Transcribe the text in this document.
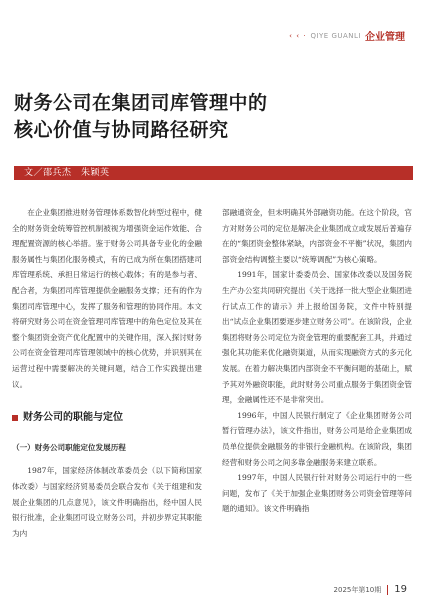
‹ ‹ · QIYE GUANLI 企业管理
财务公司在集团司库管理中的
核心价值与协同路径研究
文／邵兵杰　朱颖英

在企业集团推进财务管理体系数智化转型过程中，健全的财务资金统筹管控机制被视为增强资金运作效能、合理配置资源的核心举措。鉴于财务公司具备专业化的金融服务属性与集团化服务模式，有的已成为所在集团搭建司库管理系统、承担日常运行的核心载体；有的是参与者、配合者，为集团司库管理提供金融服务支撑；还有的作为集团司库管理中心，发挥了服务和管理的协同作用。本文将研究财务公司在资金管理司库管理中的角色定位及其在整个集团资金资产优化配置中的关键作用，深入探讨财务公司在资金管理司库管理领域中的核心优势，并识别其在运营过程中需要解决的关键问题，结合工作实践提出建议。

财务公司的职能与定位
（一）财务公司职能定位发展历程

1987年，国家经济体制改革委员会（以下简称国家体改委）与国家经济贸易委员会联合发布《关于组建和发展企业集团的几点意见》，该文件明确指出，经中国人民银行批准，企业集团可设立财务公司，并初步界定其职能为内

部融通资金，但未明确其外部融资功能。在这个阶段，官方对财务公司的定位是解决企业集团成立或发展后普遍存在的“集团资金整体紧缺，内部资金不平衡”状况，集团内部资金结构调整主要以“统筹调配”为核心策略。

1991年，国家计委委员会、国家体改委以及国务院生产办公室共同研究提出《关于选择一批大型企业集团进行试点工作的请示》并上报给国务院，文件中特别提出“试点企业集团要逐步建立财务公司”。在该阶段，企业集团将财务公司定位为资金管理的重要配套工具，并通过强化其功能来优化融资渠道，从而实现融资方式的多元化发展。在着力解决集团内部资金不平衡问题的基础上，赋予其对外融资职能，此时财务公司重点服务于集团资金管理，金融属性还不是非常突出。

1996年，中国人民银行制定了《企业集团财务公司暂行管理办法》，该文件指出，财务公司是给企业集团成员单位提供金融服务的非银行金融机构。在该阶段，集团经营和财务公司之间多靠金融服务来建立联系。

1997年，中国人民银行针对财务公司运行中的一些问题，发布了《关于加强企业集团财务公司资金管理等问题的通知》。该文件明确指

2025年第10期 19
